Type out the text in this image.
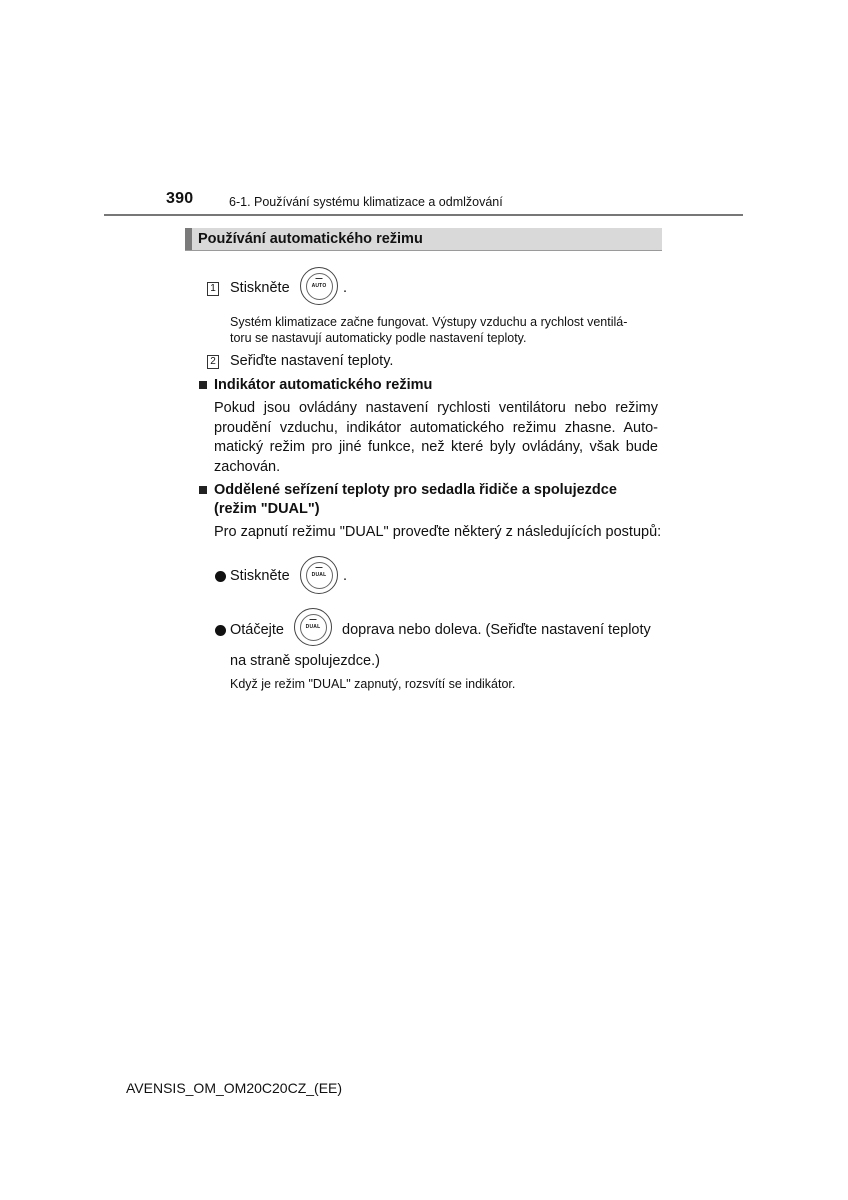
390	6-1. Používání systému klimatizace a odmlžování
Používání automatického režimu
1 Stiskněte	AUTO	.
Systém klimatizace začne fungovat. Výstupy vzduchu a rychlost ventilá-
toru se nastavují automaticky podle nastavení teploty.
2 Seřiďte nastavení teploty.
Indikátor automatického režimu
Pokud jsou ovládány nastavení rychlosti ventilátoru nebo režimy proudění vzduchu, indikátor automatického režimu zhasne. Auto-matický režim pro jiné funkce, než které byly ovládány, však bude zachován.
Oddělené seřízení teploty pro sedadla řidiče a spolujezdce
(režim "DUAL")
Pro zapnutí režimu "DUAL" proveďte některý z následujících postupů:
Stiskněte	DUAL	.
Otáčejte	DUAL	doprava nebo doleva. (Seřiďte nastavení teploty
na straně spolujezdce.)
Když je režim "DUAL" zapnutý, rozsvítí se indikátor.
AVENSIS_OM_OM20C20CZ_(EE)
